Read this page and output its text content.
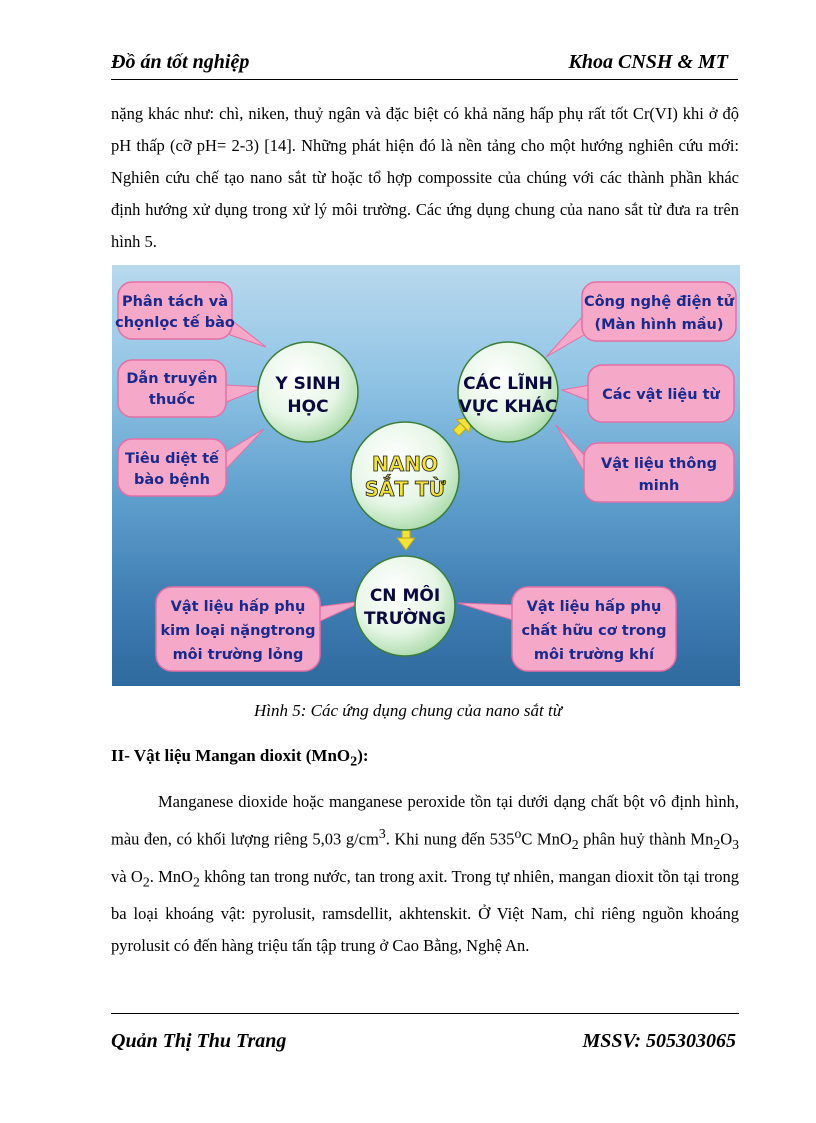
Đồ án tốt nghiệp	Khoa CNSH & MT

nặng khác như: chì, niken, thuỷ ngân và đặc biệt có khả năng hấp phụ rất tốt Cr(VI) khi ở độ pH thấp (cỡ pH= 2-3) [14]. Những phát hiện đó là nền tảng cho một hướng nghiên cứu mới: Nghiên cứu chế tạo nano sắt từ hoặc tổ hợp compossite của chúng với các thành phần khác định hướng xử dụng trong xử lý môi trường. Các ứng dụng chung của nano sắt từ đưa ra trên hình 5.

NANO
SẮT TỪ
Y SINH
HỌC
CÁC LĨNH
VỰC KHÁC
CN MÔI
TRƯỜNG
Phân tách và
chọnlọc tế bào
Dẫn truyền
thuốc
Tiêu diệt tế
bào bệnh
Công nghệ điện tử
(Màn hình mầu)
Các vật liệu từ
Vật liệu thông
minh
Vật liệu hấp phụ
kim loại nặngtrong
môi trường lỏng
Vật liệu hấp phụ
chất hữu cơ trong
môi trường khí
Hình 5: Các ứng dụng chung của nano sắt từ
II- Vật liệu Mangan dioxit (MnO$_2$):

Manganese dioxide hoặc manganese peroxide tồn tại dưới dạng chất bột vô định hình, màu đen, có khối lượng riêng 5,03 $g/cm^3$. Khi nung đến 535$^o$C MnO$_2$ phân huỷ thành $Mn_2O_3$ và $O_2$. MnO$_2$ không tan trong nước, tan trong axit. Trong tự nhiên, mangan dioxit tồn tại trong ba loại khoáng vật: pyrolusit, ramsdellit, akhtenskit. Ở Việt Nam, chỉ riêng nguồn khoáng pyrolusit có đến hàng triệu tấn tập trung ở Cao Bằng, Nghệ An.

Quản Thị Thu Trang	MSSV: 505303065
